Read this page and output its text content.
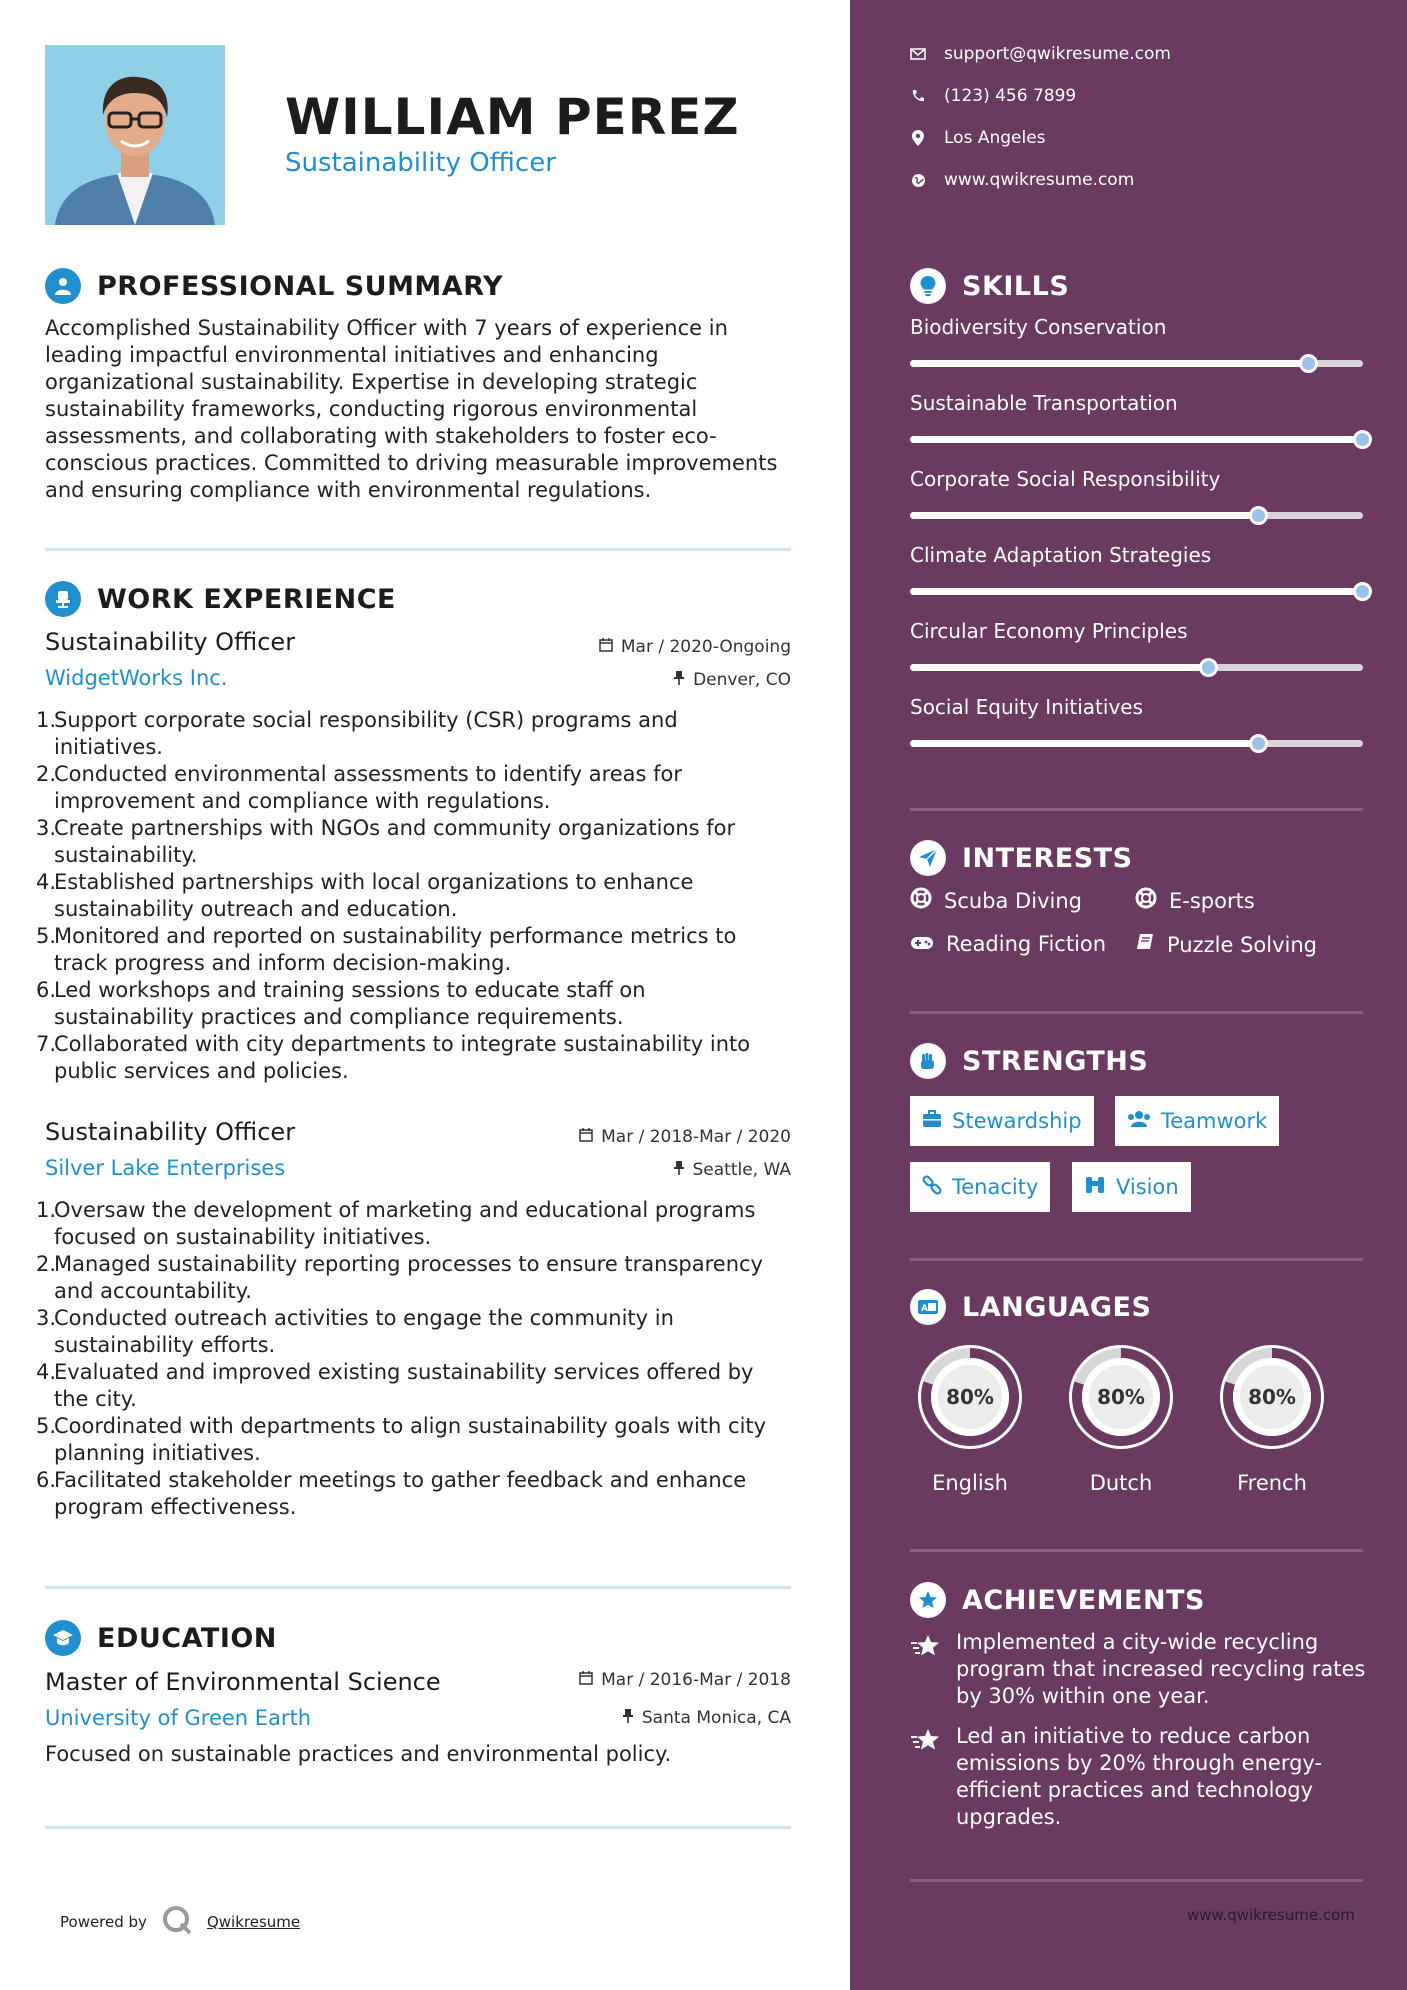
WILLIAM PEREZ
Sustainability Officer
PROFESSIONAL SUMMARY
Accomplished Sustainability Officer with 7 years of experience in leading impactful environmental initiatives and enhancing organizational sustainability. Expertise in developing strategic sustainability frameworks, conducting rigorous environmental assessments, and collaborating with stakeholders to foster eco-conscious practices. Committed to driving measurable improvements and ensuring compliance with environmental regulations.
WORK EXPERIENCE
Sustainability Officer	Mar / 2020-Ongoing
WidgetWorks Inc.	Denver, CO
1.
Support corporate social responsibility (CSR) programs and initiatives.
2.
Conducted environmental assessments to identify areas for improvement and compliance with regulations.
3.
Create partnerships with NGOs and community organizations for sustainability.
4.
Established partnerships with local organizations to enhance sustainability outreach and education.
5.
Monitored and reported on sustainability performance metrics to track progress and inform decision-making.
6.
Led workshops and training sessions to educate staff on sustainability practices and compliance requirements.
7.
Collaborated with city departments to integrate sustainability into public services and policies.
Sustainability Officer	Mar / 2018-Mar / 2020
Silver Lake Enterprises	Seattle, WA
1.
Oversaw the development of marketing and educational programs focused on sustainability initiatives.
2.
Managed sustainability reporting processes to ensure transparency and accountability.
3.
Conducted outreach activities to engage the community in sustainability efforts.
4.
Evaluated and improved existing sustainability services offered by the city.
5.
Coordinated with departments to align sustainability goals with city planning initiatives.
6.
Facilitated stakeholder meetings to gather feedback and enhance program effectiveness.
EDUCATION
Master of Environmental Science	Mar / 2016-Mar / 2018
University of Green Earth	Santa Monica, CA
Focused on sustainable practices and environmental policy.
Powered by	Qwikresume
support@qwikresume.com
(123) 456 7899
Los Angeles
www.qwikresume.com
SKILLS
Biodiversity Conservation
Sustainable Transportation
Corporate Social Responsibility
Climate Adaptation Strategies
Circular Economy Principles
Social Equity Initiatives
INTERESTS
Scuba Diving	E-sports
Reading Fiction	Puzzle Solving
STRENGTHS
Stewardship	Teamwork
Tenacity	Vision
A LANGUAGES
80%
English
80%
Dutch
80%
French
ACHIEVEMENTS
Implemented a city-wide recycling program that increased recycling rates by 30% within one year.
Led an initiative to reduce carbon emissions by 20% through energy-efficient practices and technology upgrades.
www.qwikresume.com
